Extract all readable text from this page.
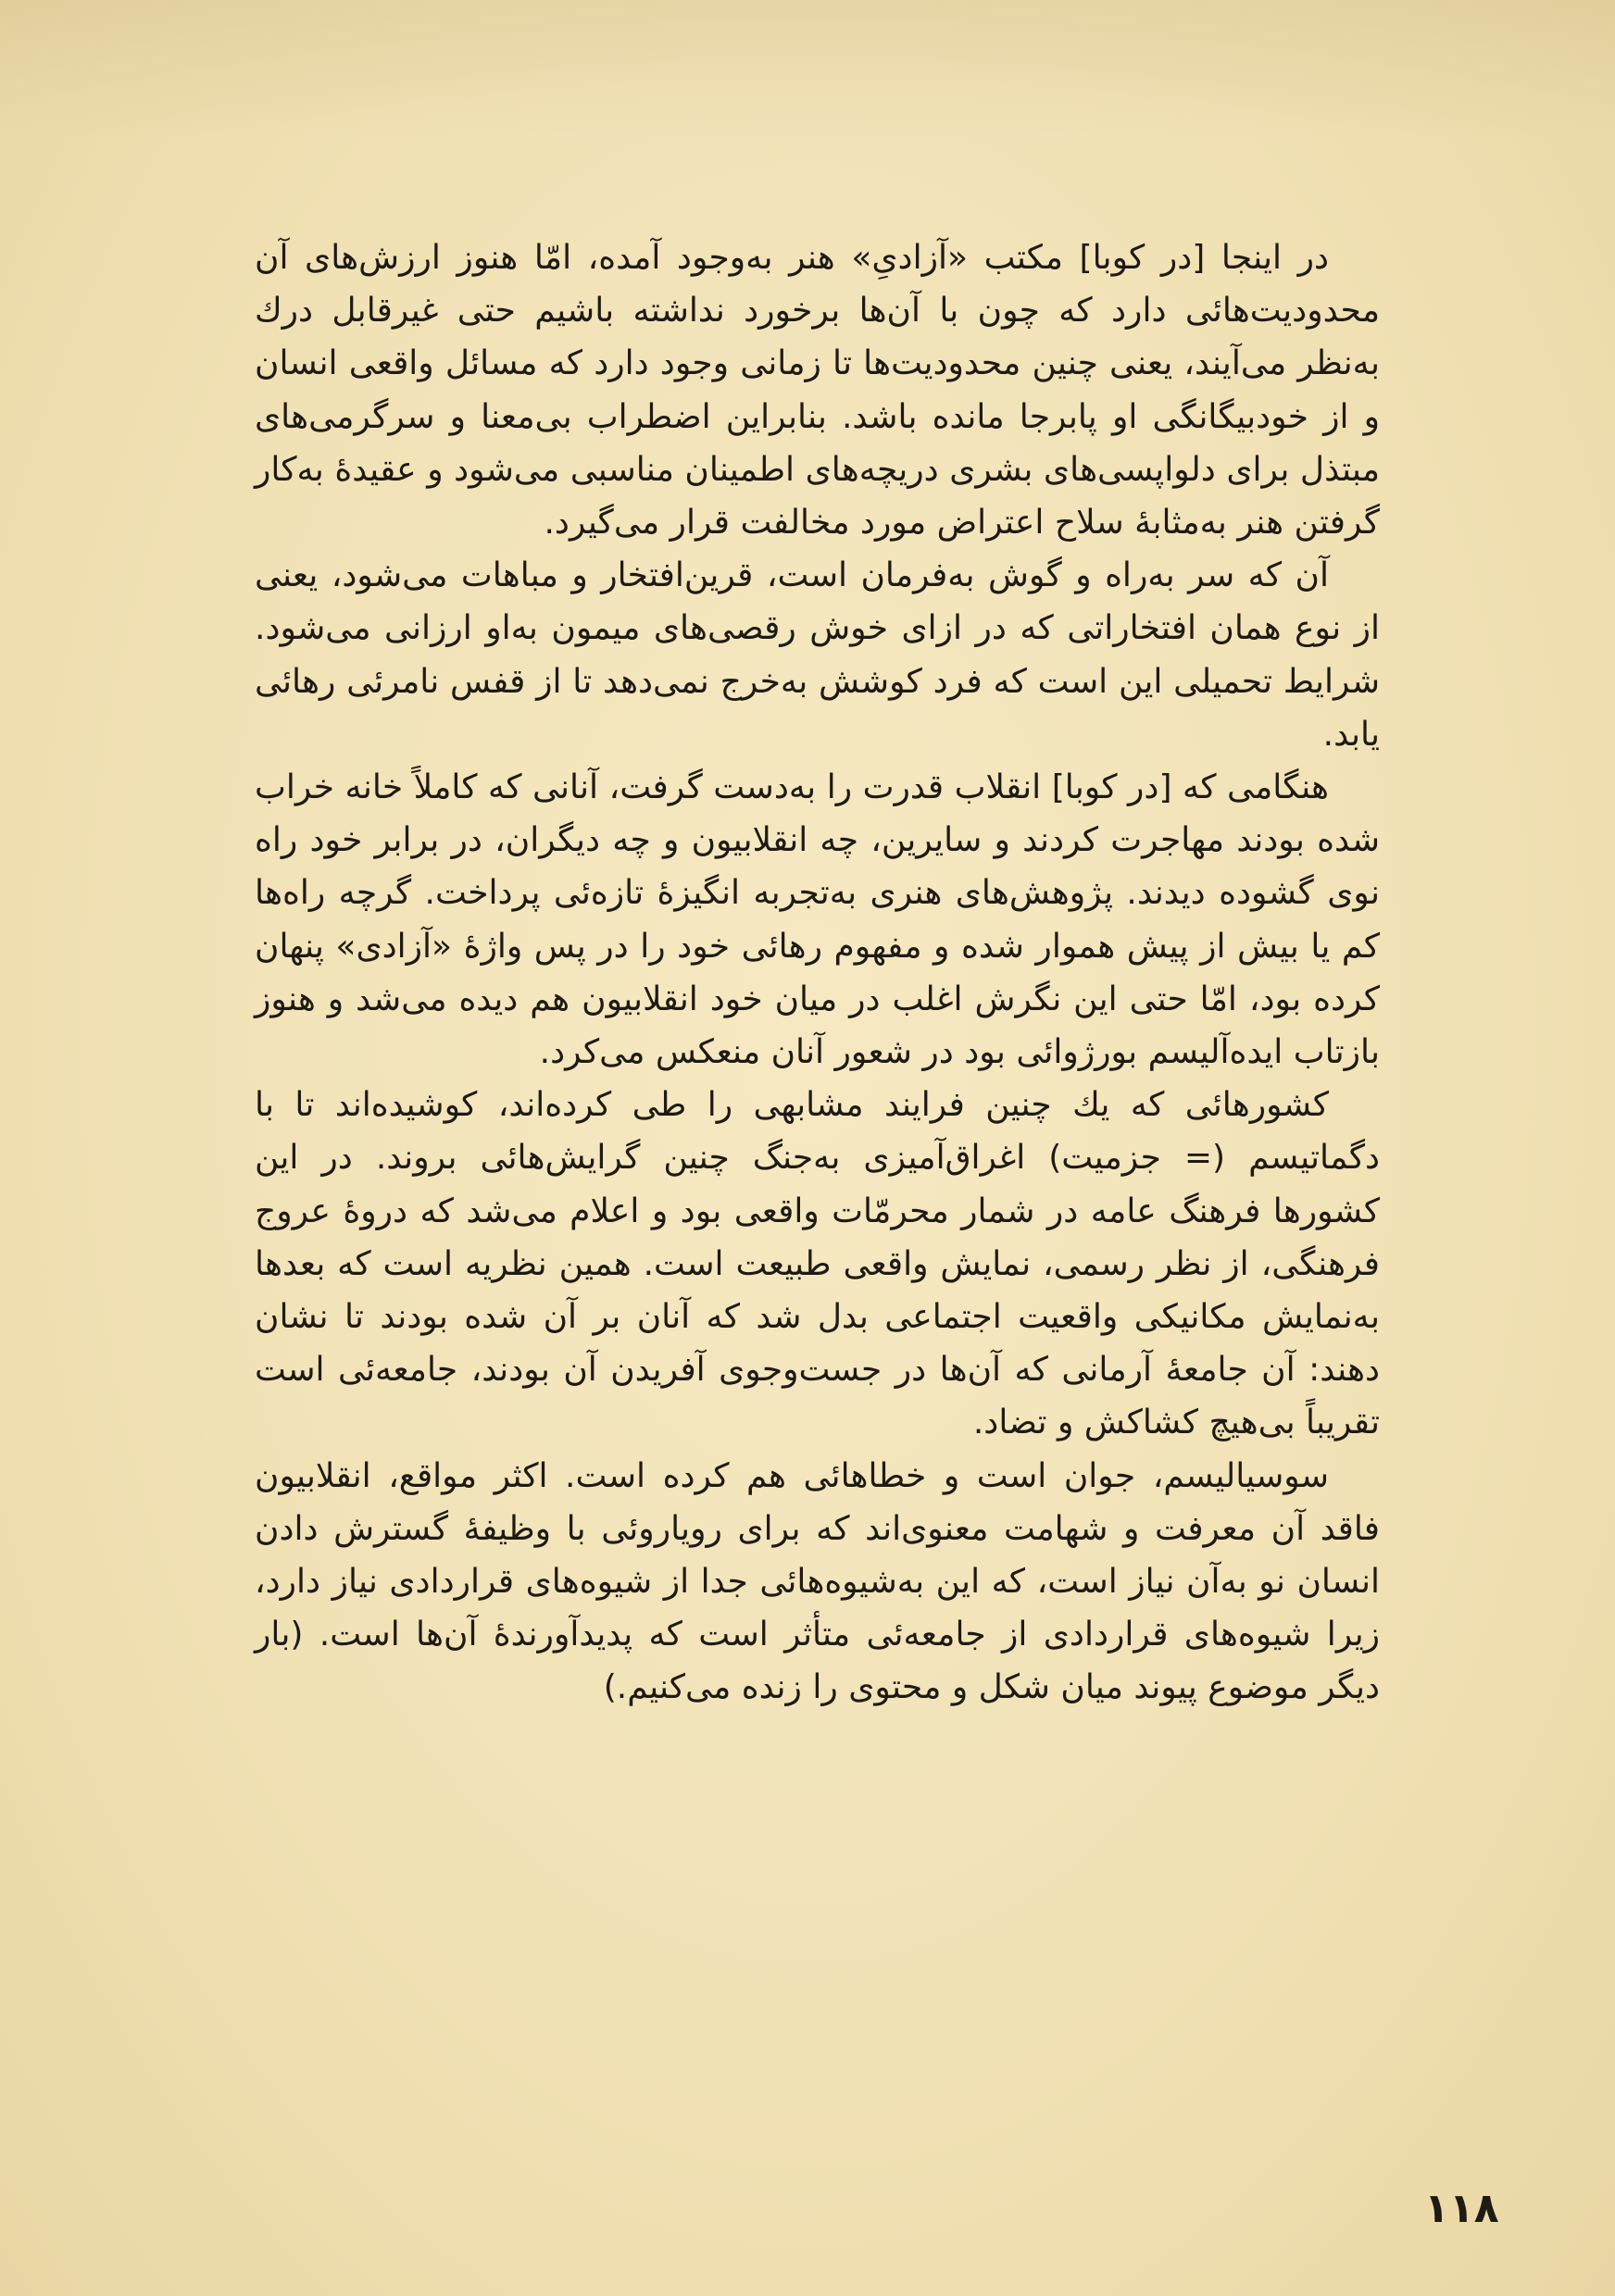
در اینجا [در کوبا] مکتب «آزادیِ» هنر به‌وجود آمده، امّا هنوز ارزش‌های آن محدودیت‌هائی دارد که چون با آن‌ها برخورد نداشته باشیم حتی غیرقابل درك به‌نظر می‌آیند، یعنی چنین محدودیت‌ها تا زمانی وجود دارد که مسائل واقعی انسان و از خودبیگانگی او پابرجا مانده باشد. بنابراین اضطراب بی‌معنا و سرگرمی‌های مبتذل برای دلواپسی‌های بشری دریچه‌های اطمینان مناسبی می‌شود و عقیدهٔ به‌کار گرفتن هنر به‌مثابهٔ سلاح اعتراض مورد مخالفت قرار می‌گیرد.

آن که سر به‌راه و گوش به‌فرمان است، قرین‌افتخار و مباهات می‌شود، یعنی از نوع همان افتخاراتی که در ازای خوش رقصی‌های میمون به‌او ارزانی می‌شود. شرایط تحمیلی این است که فرد کوشش به‌خرج نمی‌دهد تا از قفس نامرئی رهائی یابد.

هنگامی که [در کوبا] انقلاب قدرت را به‌دست گرفت، آنانی که کاملاً خانه خراب شده بودند مهاجرت کردند و سایرین، چه انقلابیون و چه دیگران، در برابر خود راه نوی گشوده دیدند. پژوهش‌های هنری به‌تجربه انگیزهٔ تازه‌ئی پرداخت. گرچه راه‌ها کم یا بیش از پیش هموار شده و مفهوم رهائی خود را در پس واژهٔ «آزادی» پنهان کرده بود، امّا حتی این نگرش اغلب در میان خود انقلابیون هم دیده می‌شد و هنوز بازتاب ایده‌آلیسم بورژوائی بود در شعور آنان منعکس می‌کرد.

کشورهائی که یك چنین فرایند مشابهی را طی کرده‌اند، کوشیده‌اند تا با دگماتیسم (= جزمیت) اغراق‌آمیزی به‌جنگ چنین گرایش‌هائی بروند. در این کشورها فرهنگ عامه در شمار محرمّات واقعی بود و اعلام می‌شد که دروهٔ عروج فرهنگی، از نظر رسمی، نمایش واقعی طبیعت است. همین نظریه است که بعدها به‌نمایش مکانیکی واقعیت اجتماعی بدل شد که آنان بر آن شده بودند تا نشان دهند: آن جامعهٔ آرمانی که آن‌ها در جست‌وجوی آفریدن آن بودند، جامعه‌ئی است تقریباً بی‌هیچ کشاکش و تضاد.

سوسیالیسم، جوان است و خطاهائی هم کرده است. اکثر مواقع، انقلابیون فاقد آن معرفت و شهامت معنوی‌اند که برای رویاروئی با وظیفهٔ گسترش دادن انسان نو به‌آن نیاز است، که این به‌شیوه‌هائی جدا از شیوه‌های قراردادی نیاز دارد، زیرا شیوه‌های قراردادی از جامعه‌ئی متأثر است که پدیدآورندهٔ آن‌ها است. (بار دیگر موضوع پیوند میان شکل و محتوی را زنده می‌کنیم.)

۱۱۸
